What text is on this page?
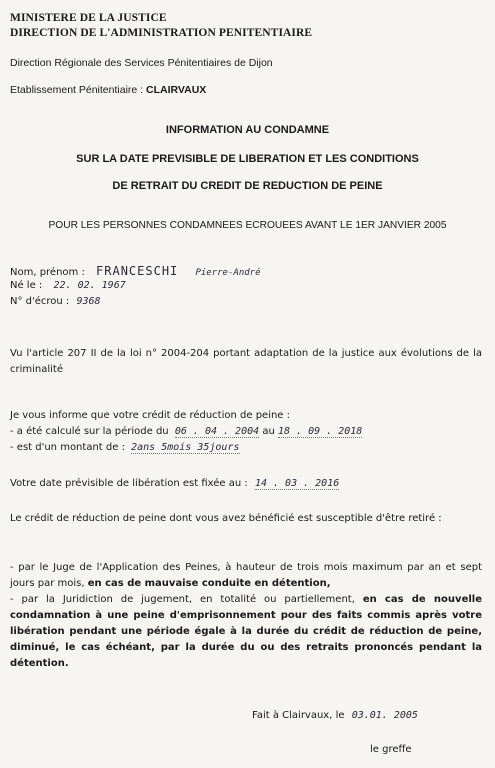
MINISTERE DE LA JUSTICE
DIRECTION DE L'ADMINISTRATION PENITENTIAIRE
Direction Régionale des Services Pénitentiaires de Dijon
Etablissement Pénitentiaire : CLAIRVAUX
INFORMATION AU CONDAMNE
SUR LA DATE PREVISIBLE DE LIBERATION ET LES CONDITIONS
DE RETRAIT DU CREDIT DE REDUCTION DE PEINE
POUR LES PERSONNES CONDAMNEES ECROUEES AVANT LE 1ER JANVIER 2005
Nom, prénom : FRANCESCHI Pierre-André
Né le : 22. 02. 1967
N° d'écrou : 9368
Vu l'article 207 II de la loi n° 2004-204 portant adaptation de la justice aux évolutions de la criminalité
Je vous informe que votre crédit de réduction de peine :
- a été calculé sur la période du 06 . 04 . 2004 au 18 . 09 . 2018
- est d'un montant de : 2ans 5mois 35jours
Votre date prévisible de libération est fixée au : 14 . 03 . 2016
Le crédit de réduction de peine dont vous avez bénéficié est susceptible d'être retiré :
- par le Juge de l'Application des Peines, à hauteur de trois mois maximum par an et sept jours par mois, en cas de mauvaise conduite en détention,
- par la Juridiction de jugement, en totalité ou partiellement, en cas de nouvelle condamnation à une peine d'emprisonnement pour des faits commis après votre libération pendant une période égale à la durée du crédit de réduction de peine, diminué, le cas échéant, par la durée du ou des retraits prononcés pendant la détention.
Fait à Clairvaux, le 03.01. 2005
le greffe
